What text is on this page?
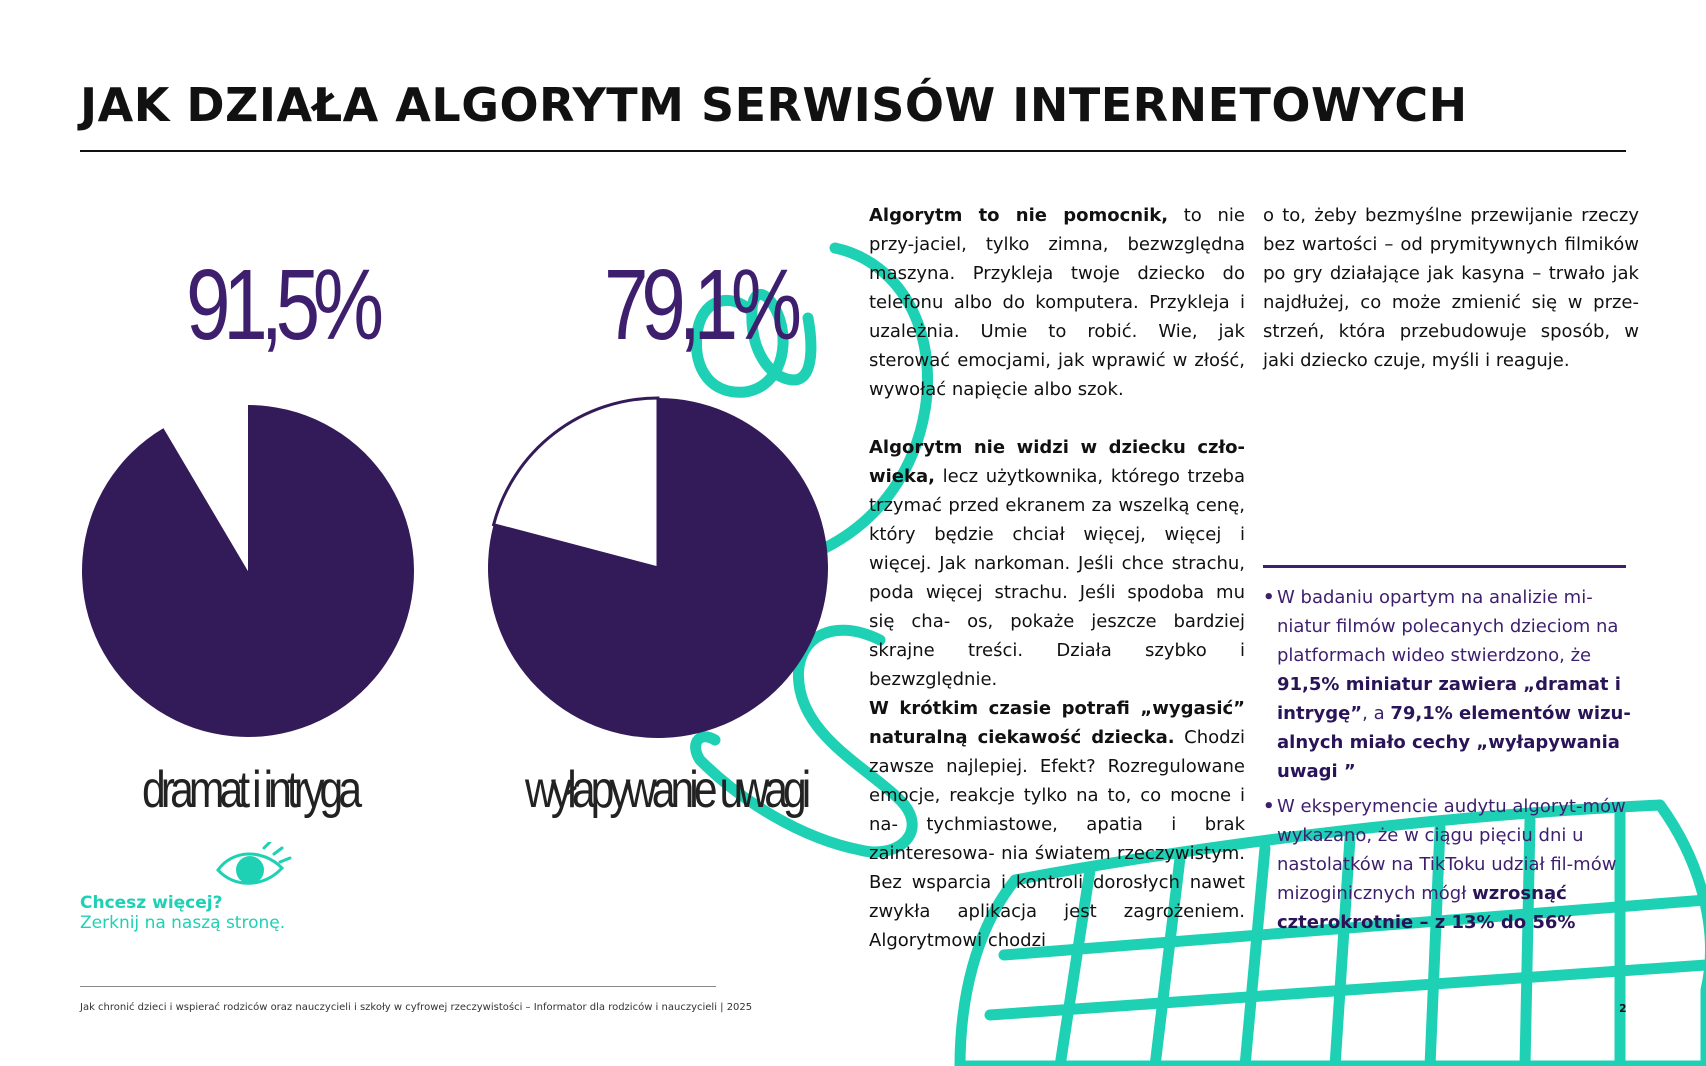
JAK DZIAŁA ALGORYTM SERWISÓW INTERNETOWYCH
91,5% 79,1%
dramat i intryga	wyłapywanie uwagi
Chcesz więcej?
Zerknij na naszą stronę.

Algorytm to nie pomocnik, to nie przy-jaciel, tylko zimna, bezwzględna maszyna. Przykleja twoje dziecko do telefonu albo do komputera. Przykleja i uzależnia. Umie to robić. Wie, jak sterować emocjami, jak wprawić w złość, wywołać napięcie albo szok.

Algorytm nie widzi w dziecku czło-wieka, lecz użytkownika, którego trzeba trzymać przed ekranem za wszelką cenę, który będzie chciał więcej, więcej i więcej. Jak narkoman. Jeśli chce strachu, poda więcej strachu. Jeśli spodoba mu się cha- os, pokaże jeszcze bardziej skrajne treści. Działa szybko i bezwzględnie.

W krótkim czasie potrafi „wygasić” naturalną ciekawość dziecka. Chodzi zawsze najlepiej. Efekt? Rozregulowane emocje, reakcje tylko na to, co mocne i na- tychmiastowe, apatia i brak zainteresowa- nia światem rzeczywistym. Bez wsparcia i kontroli dorosłych nawet zwykła aplikacja jest zagrożeniem. Algorytmowi chodzi

o to, żeby bezmyślne przewijanie rzeczy bez wartości – od prymitywnych filmików po gry działające jak kasyna – trwało jak najdłużej, co może zmienić się w prze- strzeń, która przebudowuje sposób, w jaki dziecko czuje, myśli i reaguje.

• W badaniu opartym na analizie mi-niatur filmów polecanych dzieciom na platformach wideo stwierdzono, że 91,5% miniatur zawiera „dramat i intrygę”, a 79,1% elementów wizu-alnych miało cechy „wyłapywania uwagi ”
• W eksperymencie audytu algoryt-mów wykazano, że w ciągu pięciu dni u nastolatków na TikToku udział fil-mów mizoginicznych mógł wzrosnąć czterokrotnie – z 13% do 56%
Jak chronić dzieci i wspierać rodziców oraz nauczycieli i szkoły w cyfrowej rzeczywistości – Informator dla rodziców i nauczycieli | 2025	2
